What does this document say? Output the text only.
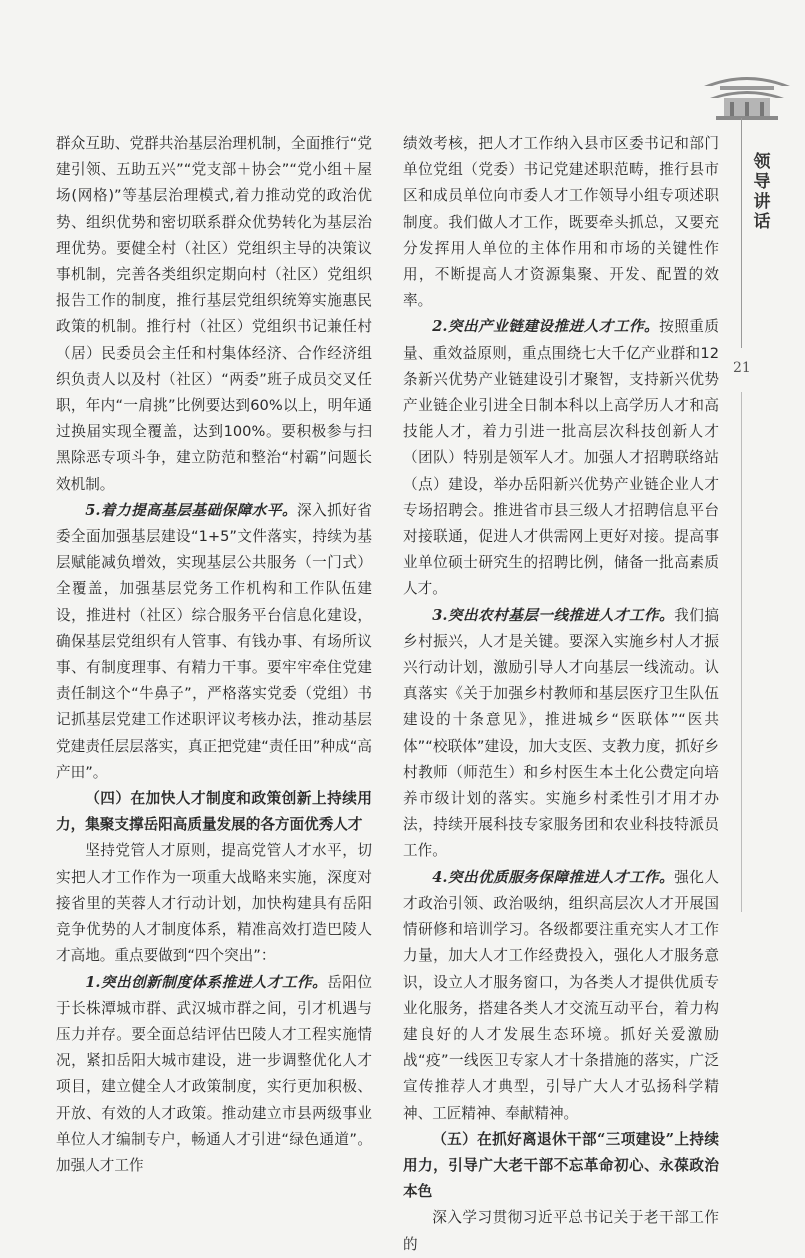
领导讲话
21

群众互助、党群共治基层治理机制，全面推行“党建引领、五助五兴”“党支部＋协会”“党小组＋屋场(网格)”等基层治理模式,着力推动党的政治优势、组织优势和密切联系群众优势转化为基层治理优势。要健全村（社区）党组织主导的决策议事机制，完善各类组织定期向村（社区）党组织报告工作的制度，推行基层党组织统筹实施惠民政策的机制。推行村（社区）党组织书记兼任村（居）民委员会主任和村集体经济、合作经济组织负责人以及村（社区）“两委”班子成员交叉任职，年内“一肩挑”比例要达到60%以上，明年通过换届实现全覆盖，达到100%。要积极参与扫黑除恶专项斗争，建立防范和整治“村霸”问题长效机制。

5.着力提高基层基础保障水平。深入抓好省委全面加强基层建设“1+5”文件落实，持续为基层赋能减负增效，实现基层公共服务（一门式）全覆盖，加强基层党务工作机构和工作队伍建设，推进村（社区）综合服务平台信息化建设，确保基层党组织有人管事、有钱办事、有场所议事、有制度理事、有精力干事。要牢牢牵住党建责任制这个“牛鼻子”，严格落实党委（党组）书记抓基层党建工作述职评议考核办法，推动基层党建责任层层落实，真正把党建“责任田”种成“高产田”。

（四）在加快人才制度和政策创新上持续用力，集聚支撑岳阳高质量发展的各方面优秀人才

坚持党管人才原则，提高党管人才水平，切实把人才工作作为一项重大战略来实施，深度对接省里的芙蓉人才行动计划，加快构建具有岳阳竞争优势的人才制度体系，精准高效打造巴陵人才高地。重点要做到“四个突出”：

1.突出创新制度体系推进人才工作。岳阳位于长株潭城市群、武汉城市群之间，引才机遇与压力并存。要全面总结评估巴陵人才工程实施情况，紧扣岳阳大城市建设，进一步调整优化人才项目，建立健全人才政策制度，实行更加积极、开放、有效的人才政策。推动建立市县两级事业单位人才编制专户，畅通人才引进“绿色通道”。加强人才工作

绩效考核，把人才工作纳入县市区委书记和部门单位党组（党委）书记党建述职范畴，推行县市区和成员单位向市委人才工作领导小组专项述职制度。我们做人才工作，既要牵头抓总，又要充分发挥用人单位的主体作用和市场的关键性作用，不断提高人才资源集聚、开发、配置的效率。

2.突出产业链建设推进人才工作。按照重质量、重效益原则，重点围绕七大千亿产业群和12条新兴优势产业链建设引才聚智，支持新兴优势产业链企业引进全日制本科以上高学历人才和高技能人才，着力引进一批高层次科技创新人才（团队）特别是领军人才。加强人才招聘联络站（点）建设，举办岳阳新兴优势产业链企业人才专场招聘会。推进省市县三级人才招聘信息平台对接联通，促进人才供需网上更好对接。提高事业单位硕士研究生的招聘比例，储备一批高素质人才。

3.突出农村基层一线推进人才工作。我们搞乡村振兴，人才是关键。要深入实施乡村人才振兴行动计划，激励引导人才向基层一线流动。认真落实《关于加强乡村教师和基层医疗卫生队伍建设的十条意见》，推进城乡“医联体”“医共体”“校联体”建设，加大支医、支教力度，抓好乡村教师（师范生）和乡村医生本土化公费定向培养市级计划的落实。实施乡村柔性引才用才办法，持续开展科技专家服务团和农业科技特派员工作。

4.突出优质服务保障推进人才工作。强化人才政治引领、政治吸纳，组织高层次人才开展国情研修和培训学习。各级都要注重充实人才工作力量，加大人才工作经费投入，强化人才服务意识，设立人才服务窗口，为各类人才提供优质专业化服务，搭建各类人才交流互动平台，着力构建良好的人才发展生态环境。抓好关爱激励战“疫”一线医卫专家人才十条措施的落实，广泛宣传推荐人才典型，引导广大人才弘扬科学精神、工匠精神、奉献精神。

（五）在抓好离退休干部“三项建设”上持续用力，引导广大老干部不忘革命初心、永葆政治本色

深入学习贯彻习近平总书记关于老干部工作的
